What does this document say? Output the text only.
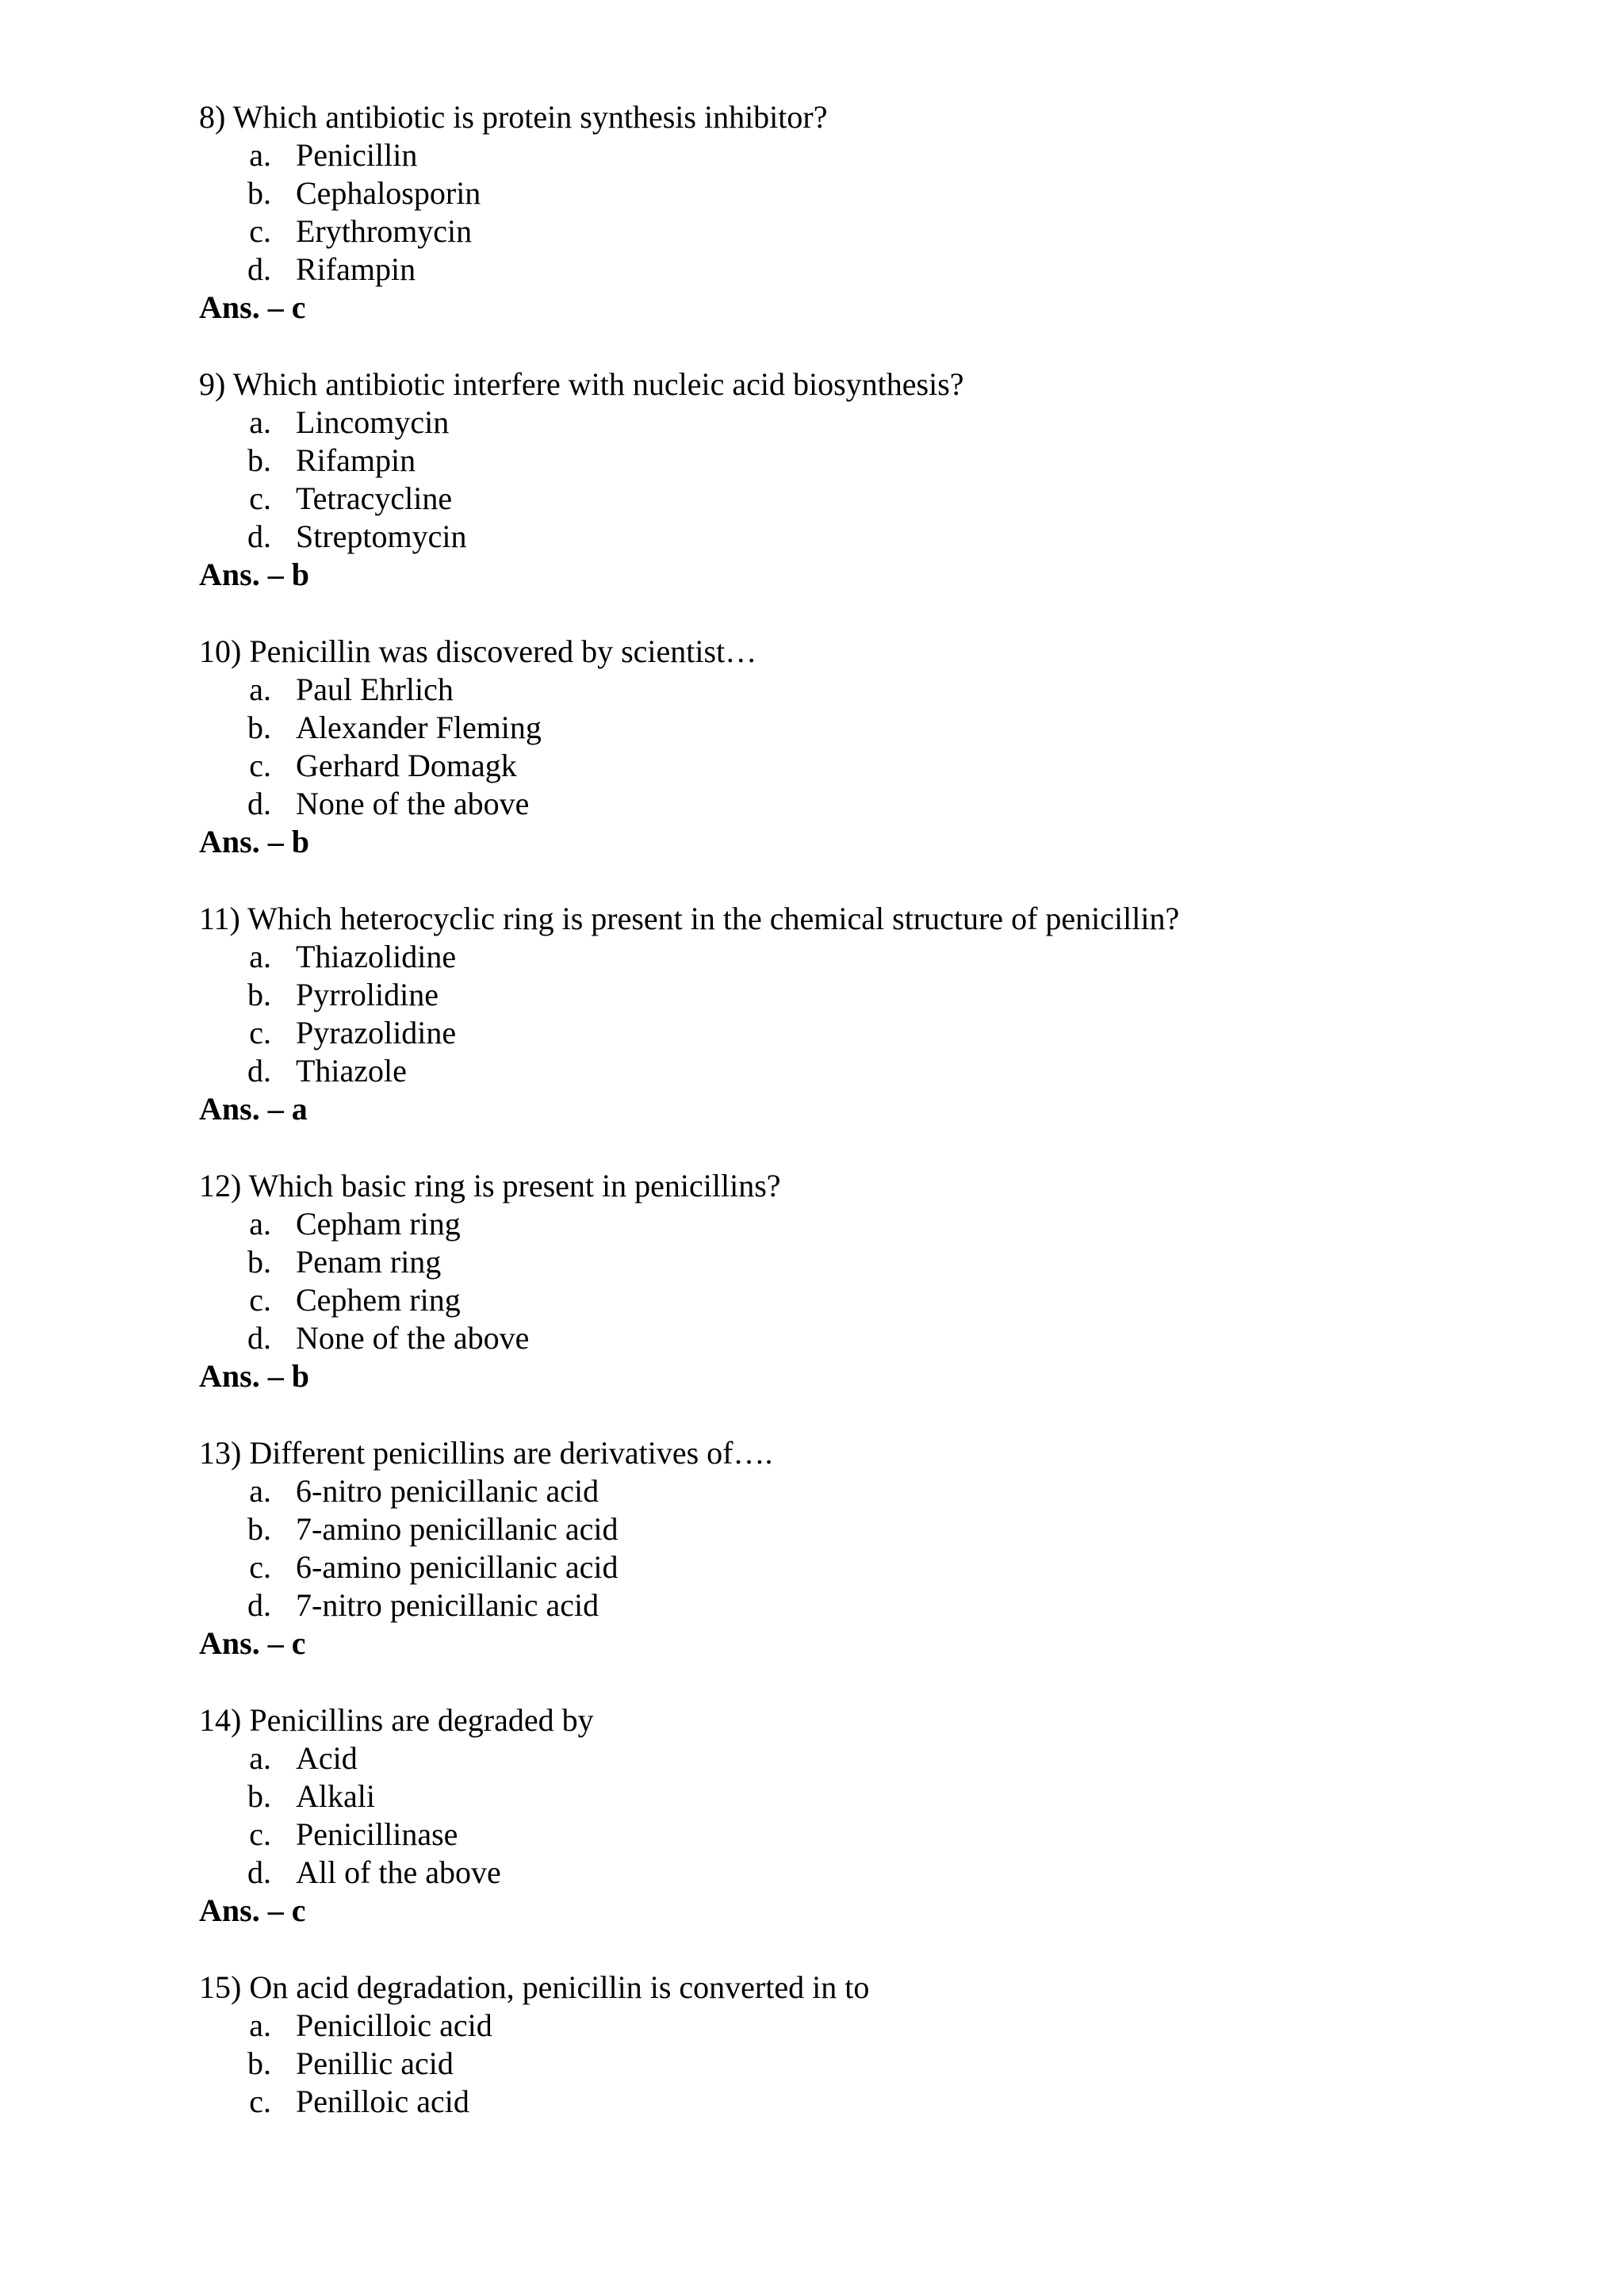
8) Which antibiotic is protein synthesis inhibitor?
a. Penicillin
b. Cephalosporin
c. Erythromycin
d. Rifampin
Ans. – c
9) Which antibiotic interfere with nucleic acid biosynthesis?
a. Lincomycin
b. Rifampin
c. Tetracycline
d. Streptomycin
Ans. – b
10) Penicillin was discovered by scientist…
a. Paul Ehrlich
b. Alexander Fleming
c. Gerhard Domagk
d. None of the above
Ans. – b
11) Which heterocyclic ring is present in the chemical structure of penicillin?
a. Thiazolidine
b. Pyrrolidine
c. Pyrazolidine
d. Thiazole
Ans. – a
12) Which basic ring is present in penicillins?
a. Cepham ring
b. Penam ring
c. Cephem ring
d. None of the above
Ans. – b
13) Different penicillins are derivatives of….
a. 6-nitro penicillanic acid
b. 7-amino penicillanic acid
c. 6-amino penicillanic acid
d. 7-nitro penicillanic acid
Ans. – c
14) Penicillins are degraded by
a. Acid
b. Alkali
c. Penicillinase
d. All of the above
Ans. – c
15) On acid degradation, penicillin is converted in to
a. Penicilloic acid
b. Penillic acid
c. Penilloic acid
